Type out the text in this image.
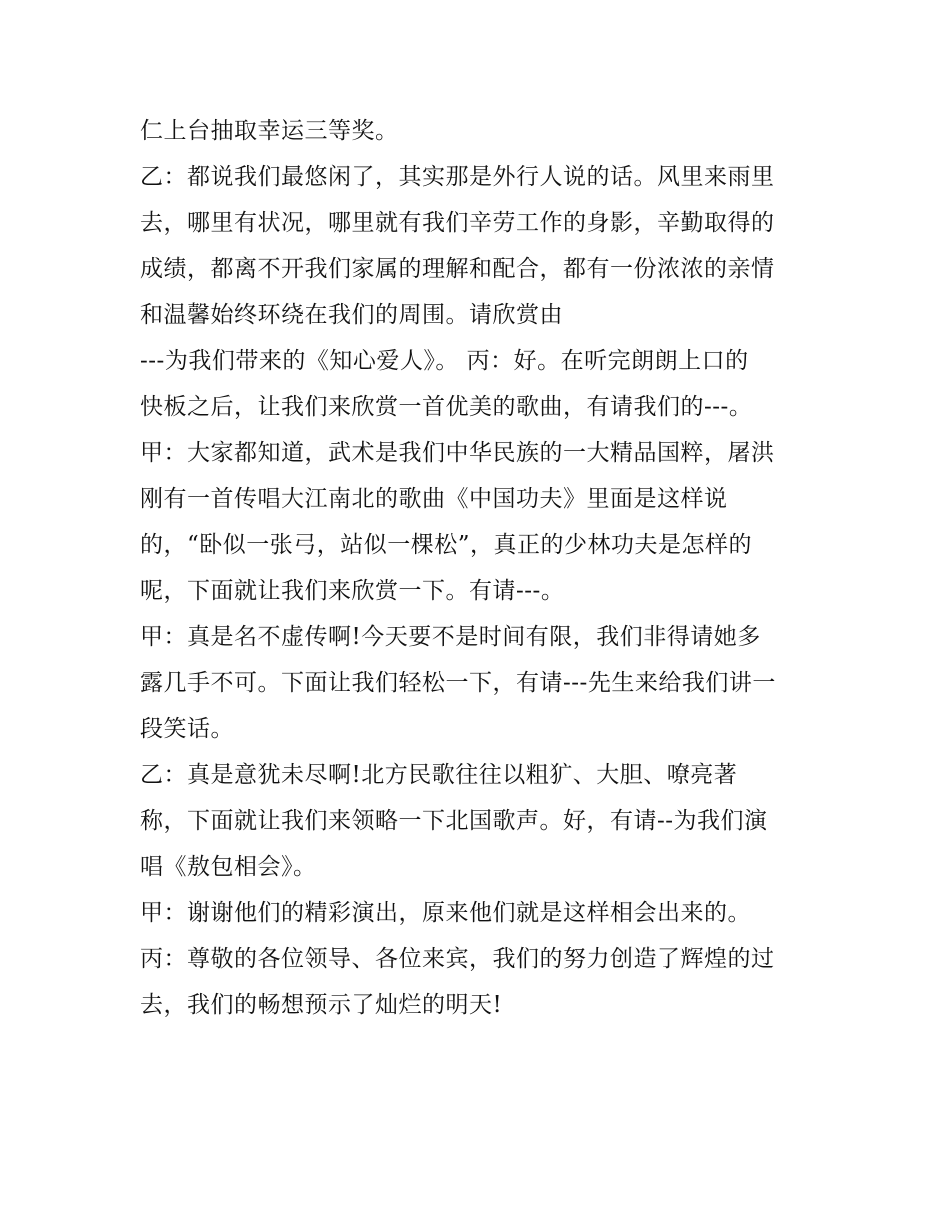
仁上台抽取幸运三等奖。
乙：都说我们最悠闲了，其实那是外行人说的话。风里来雨里
去，哪里有状况，哪里就有我们辛劳工作的身影，辛勤取得的
成绩，都离不开我们家属的理解和配合，都有一份浓浓的亲情
和温馨始终环绕在我们的周围。请欣赏由
---为我们带来的《知心爱人》。 丙：好。在听完朗朗上口的
快板之后，让我们来欣赏一首优美的歌曲，有请我们的---。
甲：大家都知道，武术是我们中华民族的一大精品国粹，屠洪
刚有一首传唱大江南北的歌曲《中国功夫》里面是这样说
的，“卧似一张弓，站似一棵松”，真正的少林功夫是怎样的
呢，下面就让我们来欣赏一下。有请---。
甲：真是名不虚传啊!今天要不是时间有限，我们非得请她多
露几手不可。下面让我们轻松一下，有请---先生来给我们讲一
段笑话。
乙：真是意犹未尽啊!北方民歌往往以粗犷、大胆、嘹亮著
称，下面就让我们来领略一下北国歌声。好，有请--为我们演
唱《敖包相会》。
甲：谢谢他们的精彩演出，原来他们就是这样相会出来的。
丙：尊敬的各位领导、各位来宾，我们的努力创造了辉煌的过
去，我们的畅想预示了灿烂的明天!
